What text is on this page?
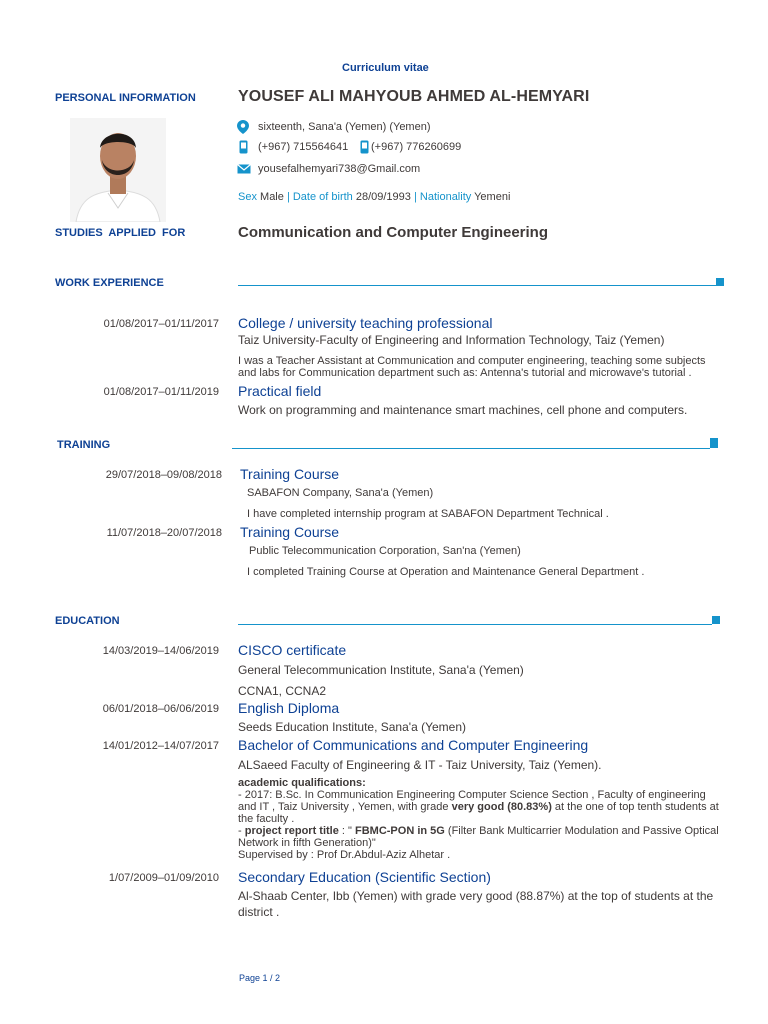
Curriculum vitae
PERSONAL INFORMATION	YOUSEF ALI MAHYOUB AHMED AL-HEMYARI
sixteenth, Sana'a (Yemen) (Yemen)
(+967) 715564641 (+967) 776260699
yousefalhemyari738@Gmail.com
Sex Male | Date of birth 28/09/1993 | Nationality Yemeni
STUDIES APPLIED FOR	Communication and Computer Engineering
WORK EXPERIENCE
01/08/2017–01/11/2017 College / university teaching professional
Taiz University-Faculty of Engineering and Information Technology, Taiz (Yemen)
I was a Teacher Assistant at Communication and computer engineering, teaching some subjects
and labs for Communication department such as: Antenna's tutorial and microwave's tutorial .
01/08/2017–01/11/2019 Practical field
Work on programming and maintenance smart machines, cell phone and computers.
TRAINING
29/07/2018–09/08/2018 Training Course
SABAFON Company, Sana'a (Yemen)
I have completed internship program at SABAFON Department Technical .
11/07/2018–20/07/2018 Training Course
Public Telecommunication Corporation, San'na (Yemen)
I completed Training Course at Operation and Maintenance General Department .
EDUCATION
14/03/2019–14/06/2019 CISCO certificate
General Telecommunication Institute, Sana'a (Yemen)
CCNA1, CCNA2
06/01/2018–06/06/2019 English Diploma
Seeds Education Institute, Sana'a (Yemen)
14/01/2012–14/07/2017 Bachelor of Communications and Computer Engineering
ALSaeed Faculty of Engineering & IT - Taiz University, Taiz (Yemen).
academic qualifications:
- 2017: B.Sc. In Communication Engineering Computer Science Section , Faculty of engineering and IT , Taiz University , Yemen, with grade very good (80.83%) at the one of top tenth students at the faculty .
- project report title : " FBMC-PON in 5G (Filter Bank Multicarrier Modulation and Passive Optical Network in fifth Generation)"
Supervised by : Prof Dr.Abdul-Aziz Alhetar .
1/07/2009–01/09/2010 Secondary Education (Scientific Section)
Al-Shaab Center, Ibb (Yemen) with grade very good (88.87%) at the top of students at the
district .
Page 1 / 2
